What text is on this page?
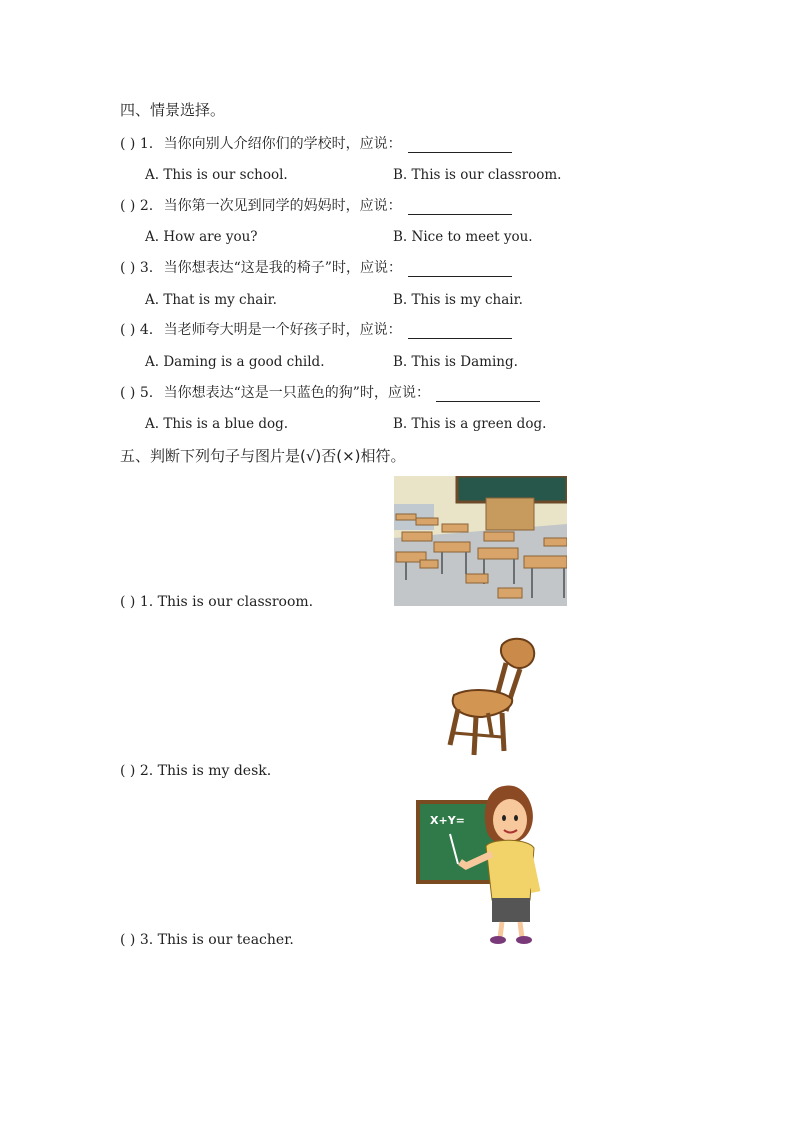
四、情景选择。
( ) 1. 当你向别人介绍你们的学校时，应说：
A. This is our school.	B. This is our classroom.
( ) 2. 当你第一次见到同学的妈妈时，应说：
A. How are you?	B. Nice to meet you.
( ) 3. 当你想表达“这是我的椅子”时，应说：
A. That is my chair.	B. This is my chair.
( ) 4. 当老师夸大明是一个好孩子时，应说：
A. Daming is a good child.	B. This is Daming.
( ) 5. 当你想表达“这是一只蓝色的狗”时，应说：
A. This is a blue dog.	B. This is a green dog.
五、判断下列句子与图片是(√)否(×)相符。
( ) 1. This is our classroom.
( ) 2. This is my desk.
X+Y=
( ) 3. This is our teacher.
